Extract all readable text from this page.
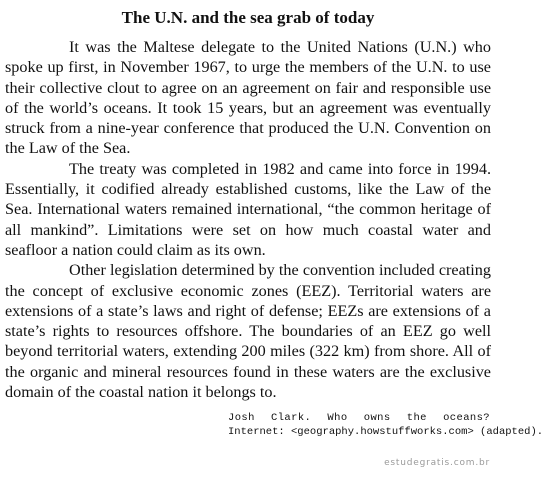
The U.N. and the sea grab of today

It was the Maltese delegate to the United Nations (U.N.) who spoke up first, in November 1967, to urge the members of the U.N. to use their collective clout to agree on an agreement on fair and responsible use of the world’s oceans. It took 15 years, but an agreement was eventually struck from a nine-year conference that produced the U.N. Convention on the Law of the Sea.

The treaty was completed in 1982 and came into force in 1994. Essentially, it codified already established customs, like the Law of the Sea. International waters remained international, “the common heritage of all mankind”. Limitations were set on how much coastal water and seafloor a nation could claim as its own.

Other legislation determined by the convention included creating the concept of exclusive economic zones (EEZ). Territorial waters are extensions of a state’s laws and right of defense; EEZs are extensions of a state’s rights to resources offshore. The boundaries of an EEZ go well beyond territorial waters, extending 200 miles (322 km) from shore. All of the organic and mineral resources found in these waters are the exclusive domain of the coastal nation it belongs to.

Josh Clark. Who owns the oceans?
Internet: <geography.howstuffworks.com> (adapted).
estudegratis.com.br
